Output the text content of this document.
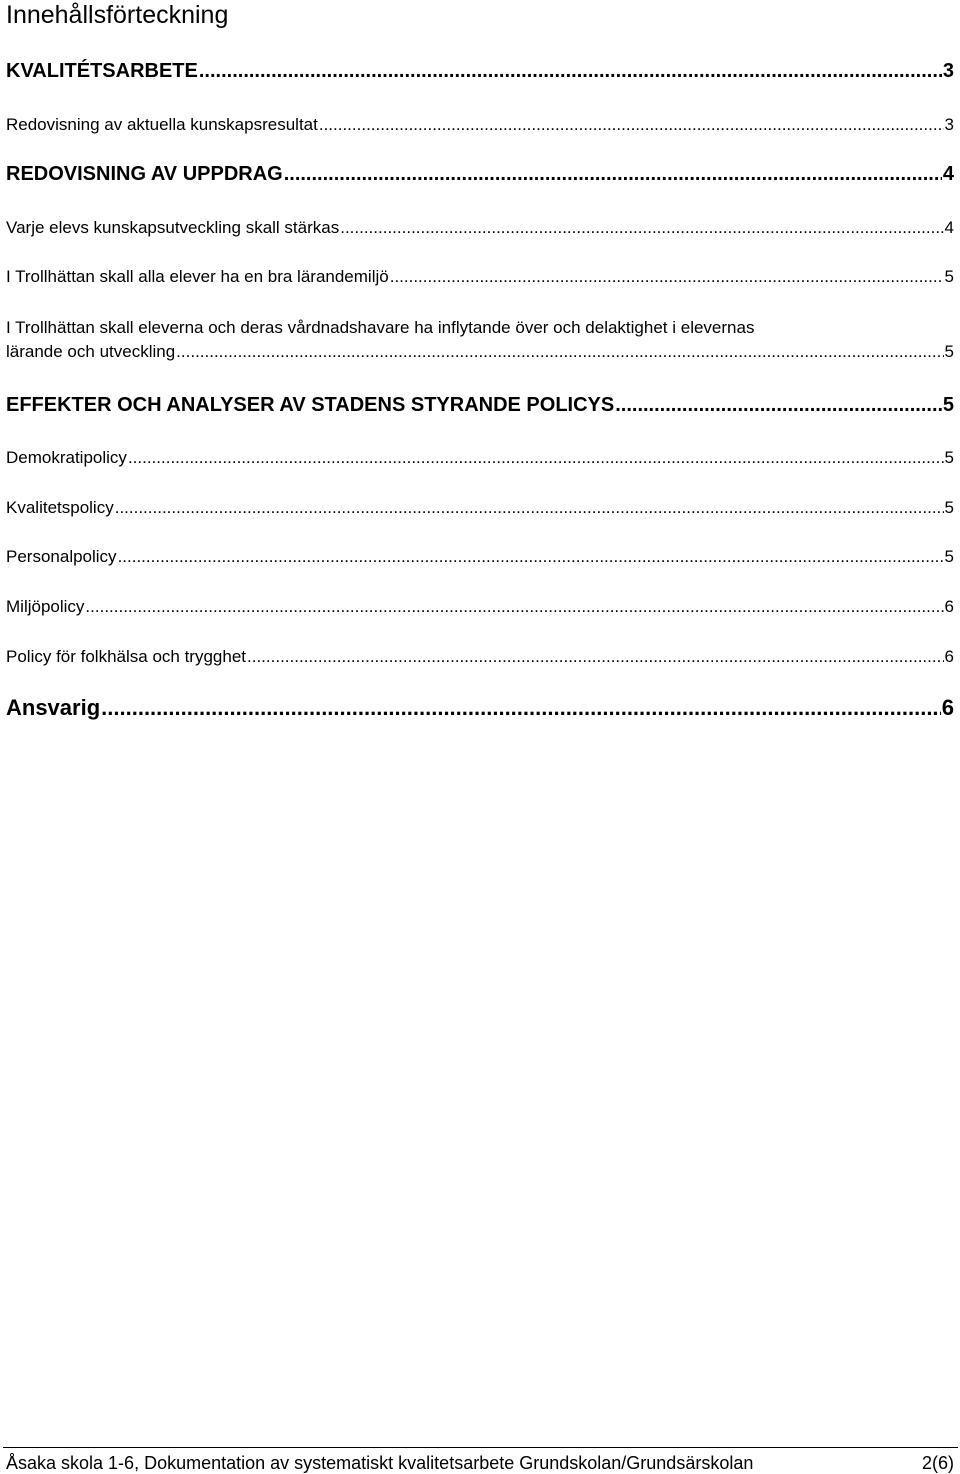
Innehållsförteckning
KVALITÉTSARBETE .....	3
Redovisning av aktuella kunskapsresultat .....	3
REDOVISNING AV UPPDRAG .....	4
Varje elevs kunskapsutveckling skall stärkas .....	4
I Trollhättan skall alla elever ha en bra lärandemiljö .....	5
I Trollhättan skall eleverna och deras vårdnadshavare ha inflytande över och delaktighet i elevernas
lärande och utveckling .....	5
EFFEKTER OCH ANALYSER AV STADENS STYRANDE POLICYS .....	5
Demokratipolicy .....	5
Kvalitetspolicy .....	5
Personalpolicy .....	5
Miljöpolicy .....	6
Policy för folkhälsa och trygghet .....	6
Ansvarig .....	6
Åsaka skola 1-6, Dokumentation av systematiskt kvalitetsarbete Grundskolan/Grundsärskolan	2(6)
